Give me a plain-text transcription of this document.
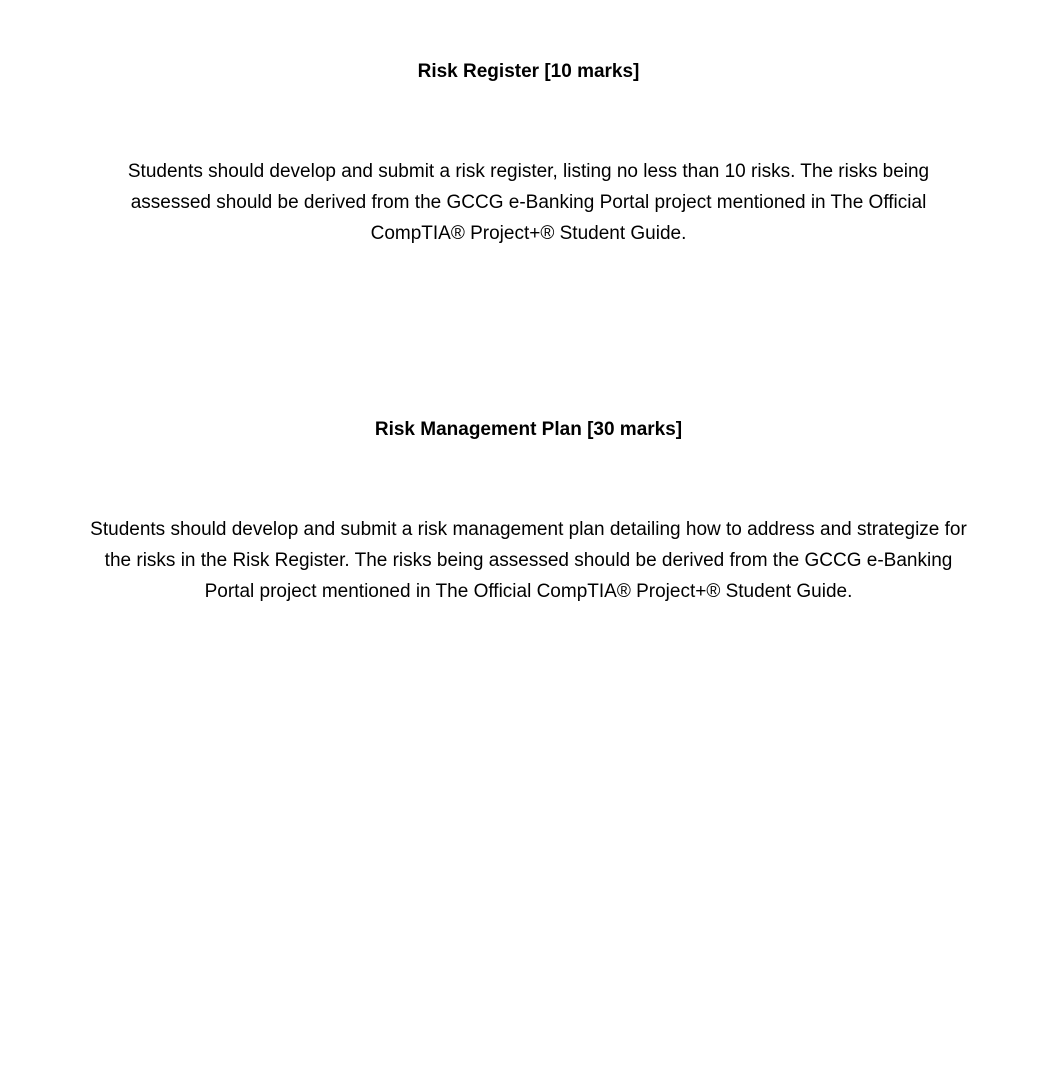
Risk Register [10 marks]

Students should develop and submit a risk register, listing no less than 10 risks. The risks being assessed should be derived from the GCCG e-Banking Portal project mentioned in The Official CompTIA® Project+® Student Guide.

Risk Management Plan [30 marks]

Students should develop and submit a risk management plan detailing how to address and strategize for the risks in the Risk Register. The risks being assessed should be derived from the GCCG e-Banking Portal project mentioned in The Official CompTIA® Project+® Student Guide.
